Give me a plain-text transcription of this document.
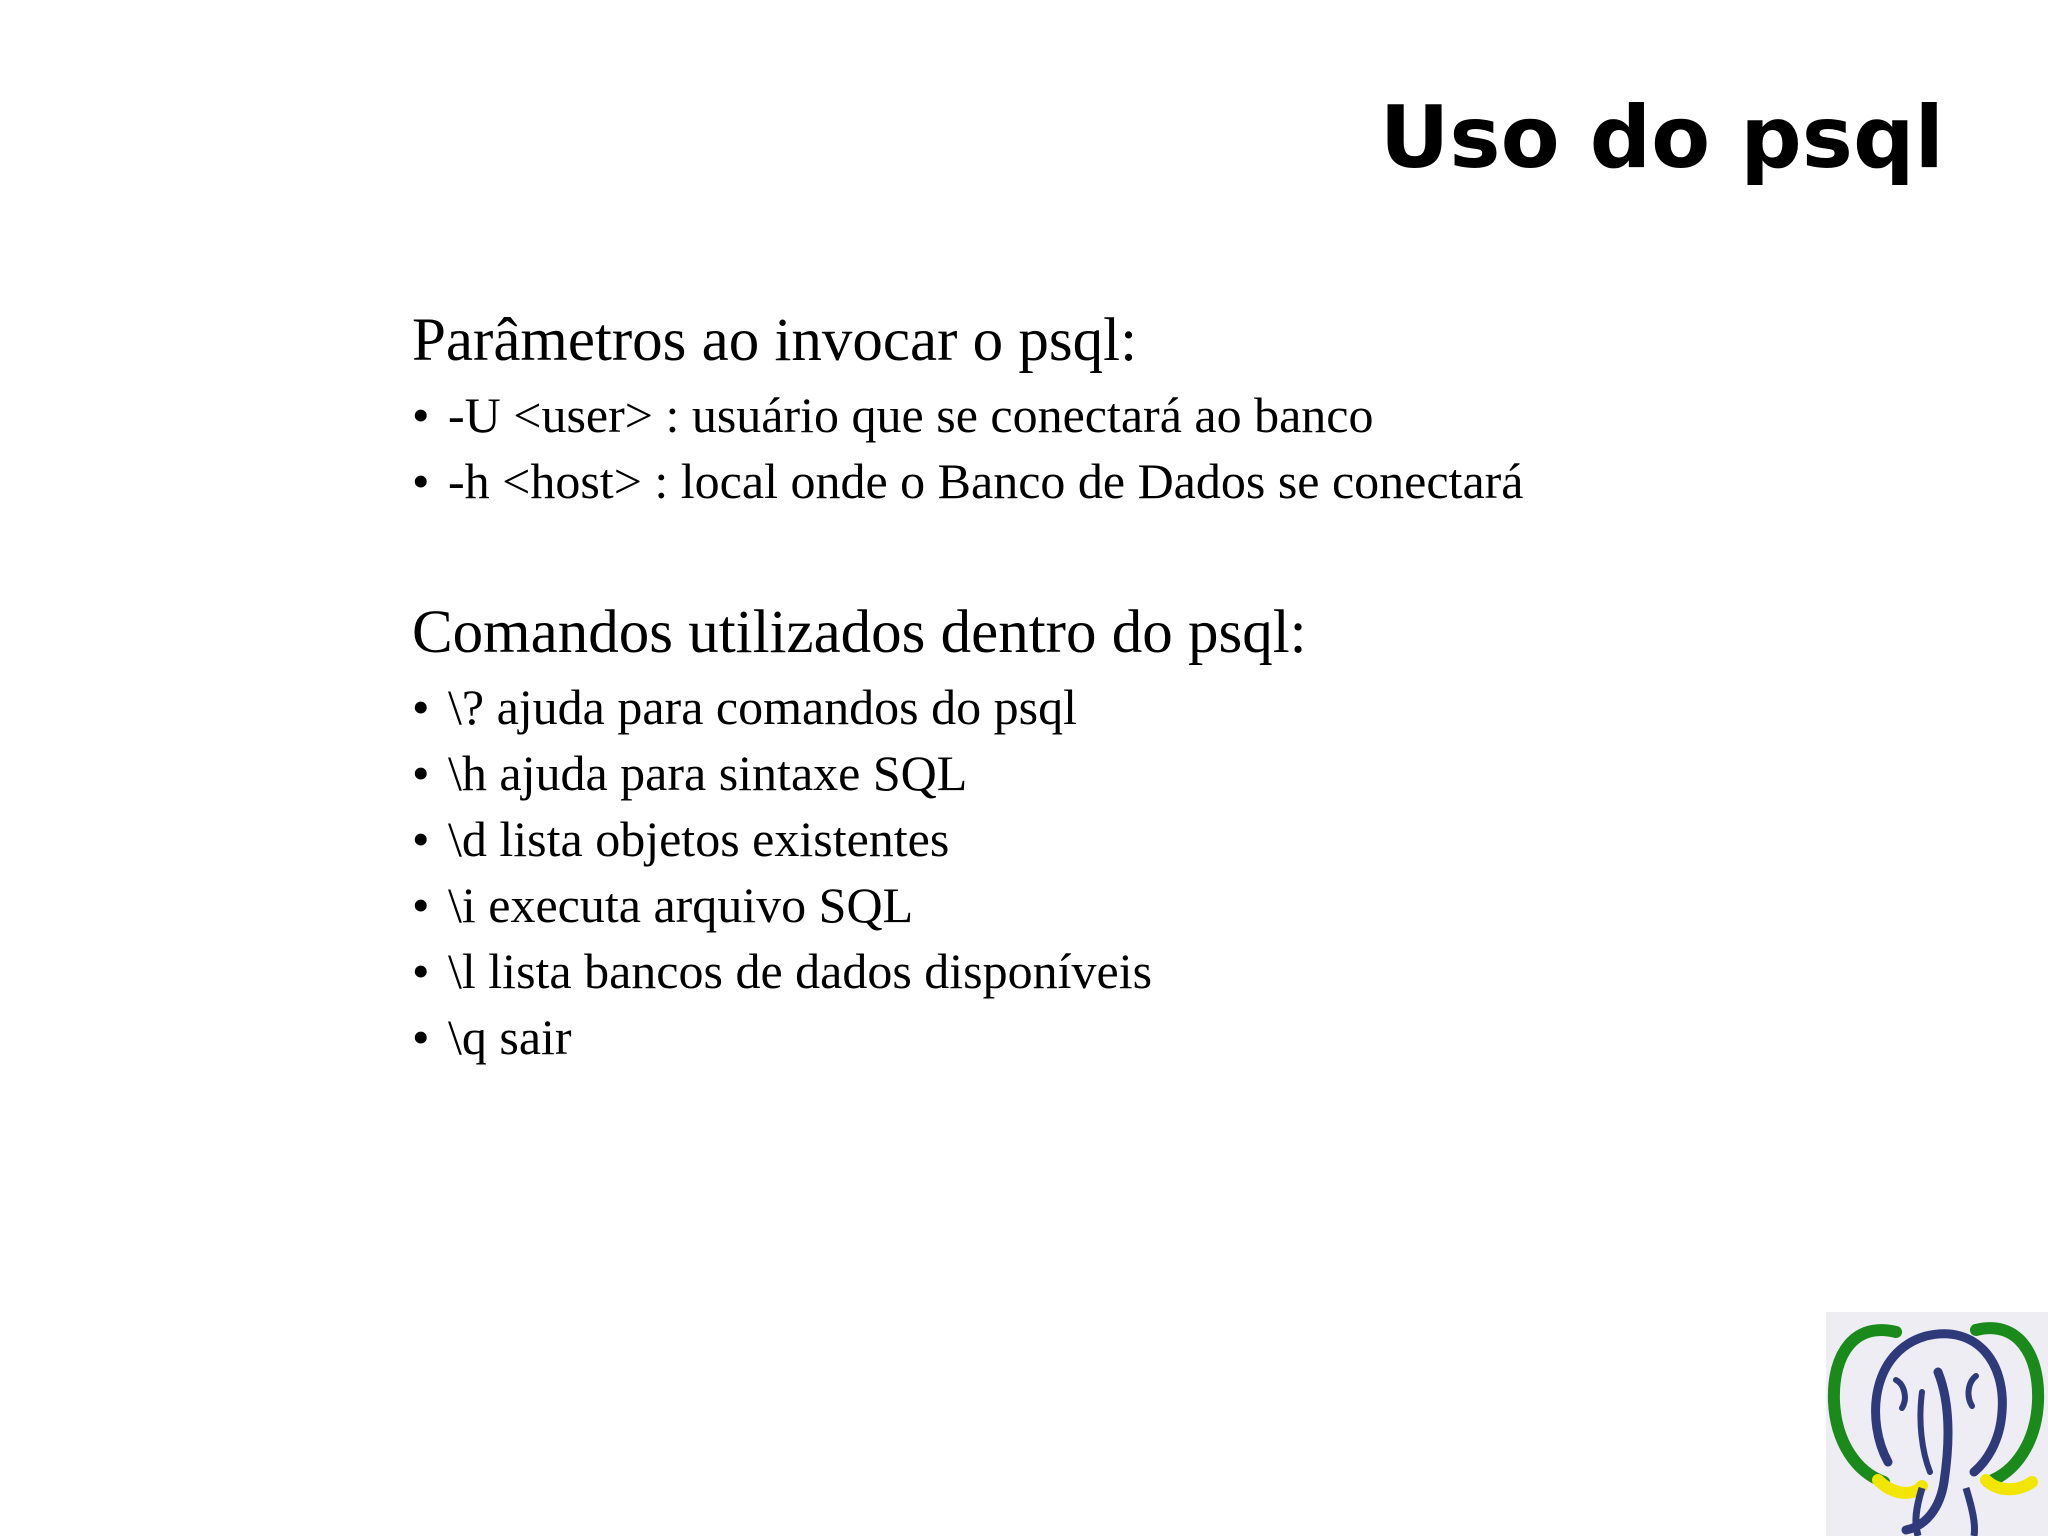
Uso do psql

Parâmetros ao invocar o psql:

• -U <user> : usuário que se conectará ao banco
• -h <host> : local onde o Banco de Dados se conectará

Comandos utilizados dentro do psql:

• \? ajuda para comandos do psql
• \h ajuda para sintaxe SQL
• \d lista objetos existentes
• \i executa arquivo SQL
• \l lista bancos de dados disponíveis
• \q sair
